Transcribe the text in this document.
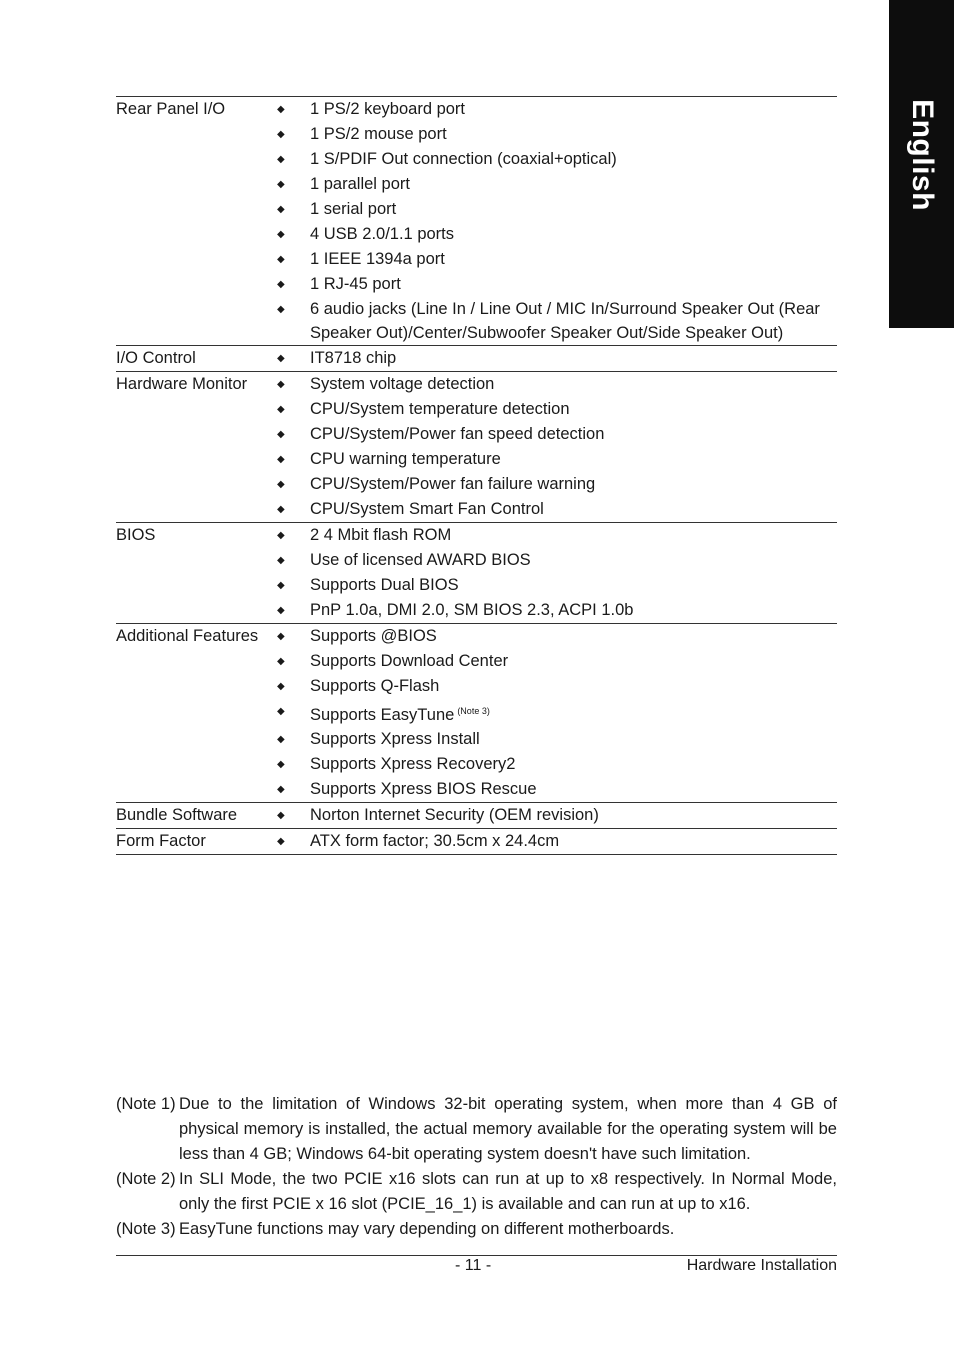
English
Rear Panel I/O	◆	1 PS/2 keyboard port
◆	1 PS/2 mouse port
◆	1 S/PDIF Out connection (coaxial+optical)
◆	1 parallel port
◆	1 serial port
◆	4 USB 2.0/1.1 ports
◆	1 IEEE 1394a port
◆	1 RJ-45 port
◆	6 audio jacks (Line In / Line Out / MIC In/Surround Speaker Out (Rear Speaker Out)/Center/Subwoofer Speaker Out/Side Speaker Out)
I/O Control	◆	IT8718 chip
Hardware Monitor	◆	System voltage detection
◆	CPU/System temperature detection
◆	CPU/System/Power fan speed detection
◆	CPU warning temperature
◆	CPU/System/Power fan failure warning
◆	CPU/System Smart Fan Control
BIOS	◆	2 4 Mbit flash ROM
◆	Use of licensed AWARD BIOS
◆	Supports Dual BIOS
◆	PnP 1.0a, DMI 2.0, SM BIOS 2.3, ACPI 1.0b
Additional Features	◆	Supports @BIOS
◆	Supports Download Center
◆	Supports Q-Flash
◆	Supports EasyTune $^{(Note 3)}$
◆	Supports Xpress Install
◆	Supports Xpress Recovery2
◆	Supports Xpress BIOS Rescue
Bundle Software	◆	Norton Internet Security (OEM revision)
Form Factor	◆	ATX form factor; 30.5cm x 24.4cm
(Note 1) Due to the limitation of Windows 32-bit operating system, when more than 4 GB of physical memory is installed, the actual memory available for the operating system will be less than 4 GB; Windows 64-bit operating system doesn't have such limitation.
(Note 2) In SLI Mode, the two PCIE x16 slots can run at up to x8 respectively. In Normal Mode, only the first PCIE x 16 slot (PCIE_16_1) is available and can run at up to x16.
(Note 3) EasyTune functions may vary depending on different motherboards.
- 11 -	Hardware Installation
